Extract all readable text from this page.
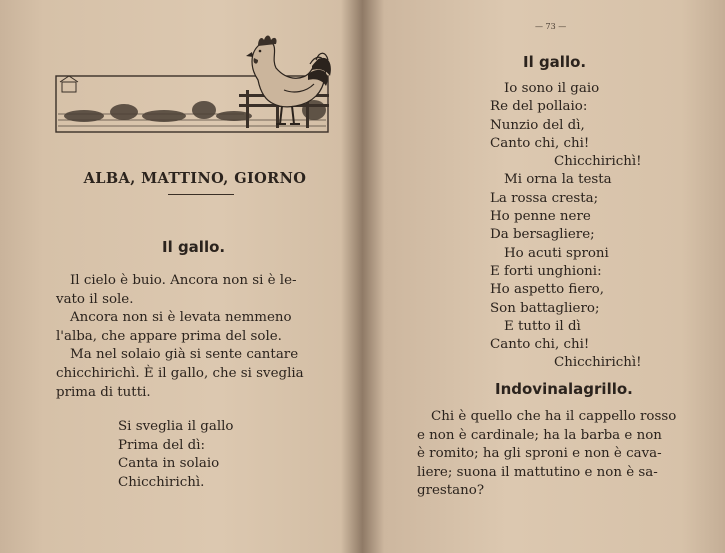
ALBA, MATTINO, GIORNO
Il gallo.
Il cielo è buio. Ancora non si è le-
vato il sole.
Ancora non si è levata nemmeno
l'alba, che appare prima del sole.
Ma nel solaio già si sente cantare
chicchirichì. È il gallo, che si sveglia
prima di tutti.
Si sveglia il gallo
Prima del dì:
Canta in solaio
Chicchirichì.
— 73 —
Il gallo.
Io sono il gaio
Re del pollaio:
Nunzio del dì,
Canto chi, chi!
Chicchirichì!
Mi orna la testa
La rossa cresta;
Ho penne nere
Da bersagliere;
Ho acuti sproni
E forti unghioni:
Ho aspetto fiero,
Son battagliero;
E tutto il dì
Canto chi, chi!
Chicchirichì!
Indovinalagrillo.
Chi è quello che ha il cappello rosso
e non è cardinale; ha la barba e non
è romito; ha gli sproni e non è cava-
liere; suona il mattutino e non è sa-
grestano?
